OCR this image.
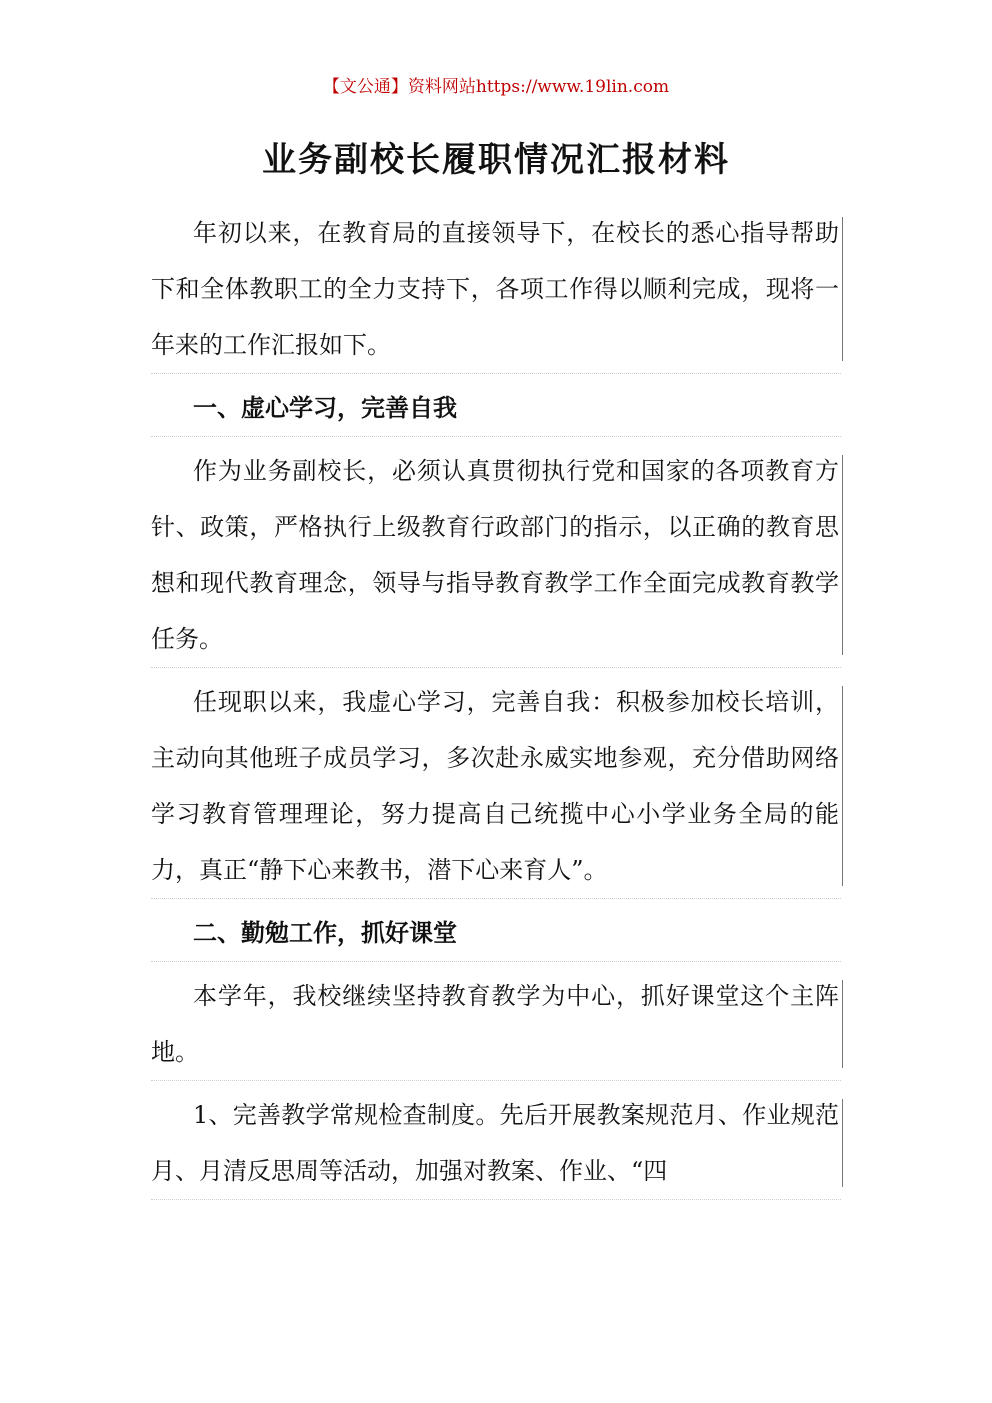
【文公通】资料网站https://www.19lin.com
业务副校长履职情况汇报材料
年初以来，在教育局的直接领导下，在校长的悉心指导帮助下和全体教职工的全力支持下，各项工作得以顺利完成，现将一年来的工作汇报如下。
一、虚心学习，完善自我
作为业务副校长，必须认真贯彻执行党和国家的各项教育方针、政策，严格执行上级教育行政部门的指示，以正确的教育思想和现代教育理念，领导与指导教育教学工作全面完成教育教学任务。
任现职以来，我虚心学习，完善自我：积极参加校长培训，主动向其他班子成员学习，多次赴永威实地参观，充分借助网络学习教育管理理论，努力提高自己统揽中心小学业务全局的能力，真正“静下心来教书，潜下心来育人”。
二、勤勉工作，抓好课堂
本学年，我校继续坚持教育教学为中心，抓好课堂这个主阵地。
1、完善教学常规检查制度。先后开展教案规范月、作业规范月、月清反思周等活动，加强对教案、作业、“四
